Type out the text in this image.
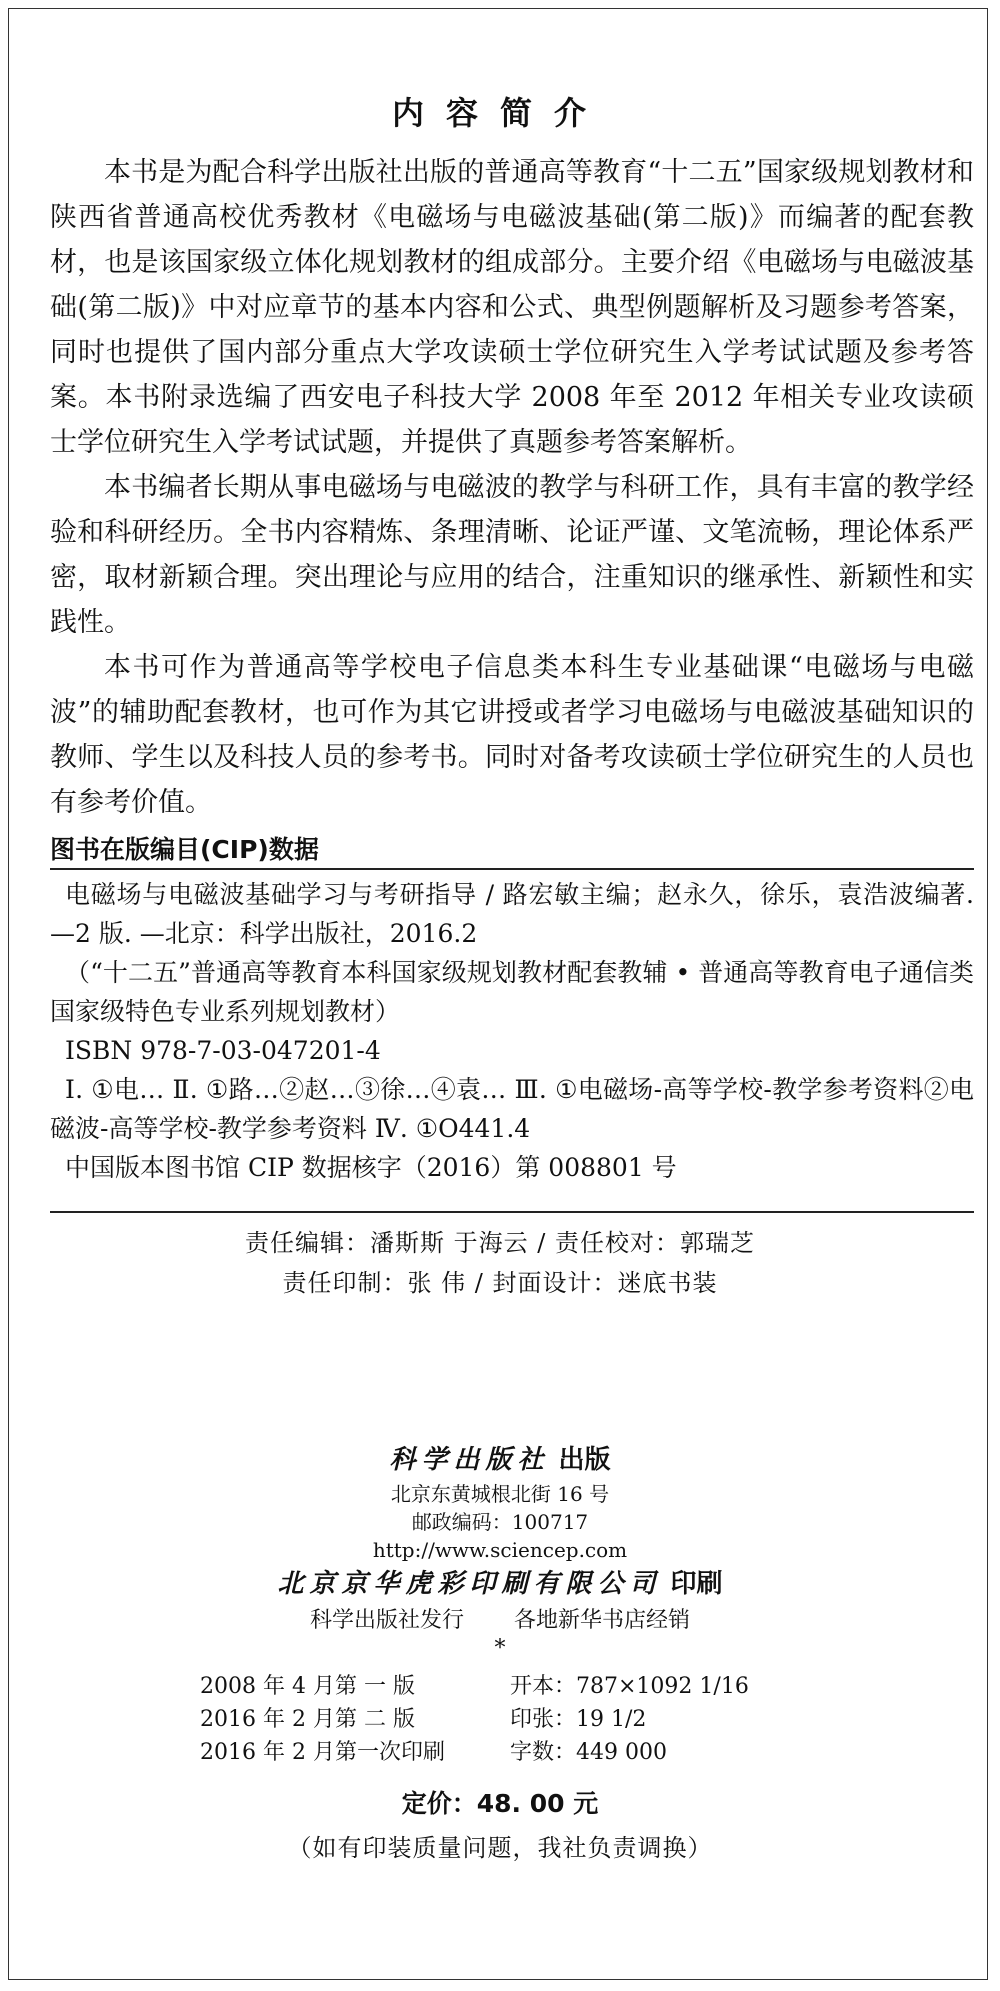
内容简介

本书是为配合科学出版社出版的普通高等教育“十二五”国家级规划教材和陕西省普通高校优秀教材《电磁场与电磁波基础(第二版)》而编著的配套教材，也是该国家级立体化规划教材的组成部分。主要介绍《电磁场与电磁波基础(第二版)》中对应章节的基本内容和公式、典型例题解析及习题参考答案，同时也提供了国内部分重点大学攻读硕士学位研究生入学考试试题及参考答案。本书附录选编了西安电子科技大学 2008 年至 2012 年相关专业攻读硕士学位研究生入学考试试题，并提供了真题参考答案解析。

本书编者长期从事电磁场与电磁波的教学与科研工作，具有丰富的教学经验和科研经历。全书内容精炼、条理清晰、论证严谨、文笔流畅，理论体系严密，取材新颖合理。突出理论与应用的结合，注重知识的继承性、新颖性和实践性。

本书可作为普通高等学校电子信息类本科生专业基础课“电磁场与电磁波”的辅助配套教材，也可作为其它讲授或者学习电磁场与电磁波基础知识的教师、学生以及科技人员的参考书。同时对备考攻读硕士学位研究生的人员也有参考价值。

图书在版编目(CIP)数据

电磁场与电磁波基础学习与考研指导 / 路宏敏主编；赵永久，徐乐，袁浩波编著. —2 版. —北京：科学出版社，2016.2

（“十二五”普通高等教育本科国家级规划教材配套教辅 • 普通高等教育电子通信类国家级特色专业系列规划教材）

ISBN 978-7-03-047201-4

Ⅰ. ①电… Ⅱ. ①路…②赵…③徐…④袁… Ⅲ. ①电磁场-高等学校-教学参考资料②电磁波-高等学校-教学参考资料 Ⅳ. ①O441.4

中国版本图书馆 CIP 数据核字（2016）第 008801 号

责任编辑：潘斯斯 于海云 / 责任校对：郭瑞芝
责任印制：张 伟 / 封面设计：迷底书装
科学出版社 出版
北京东黄城根北街 16 号
邮政编码：100717
http://www.sciencep.com
北京京华虎彩印刷有限公司 印刷
科学出版社发行 各地新华书店经销
*
2008 年 4 月第 一 版	开本：787×1092 1/16
2016 年 2 月第 二 版	印张：19 1/2
2016 年 2 月第一次印刷	字数：449 000
定价：48. 00 元
（如有印装质量问题，我社负责调换）
